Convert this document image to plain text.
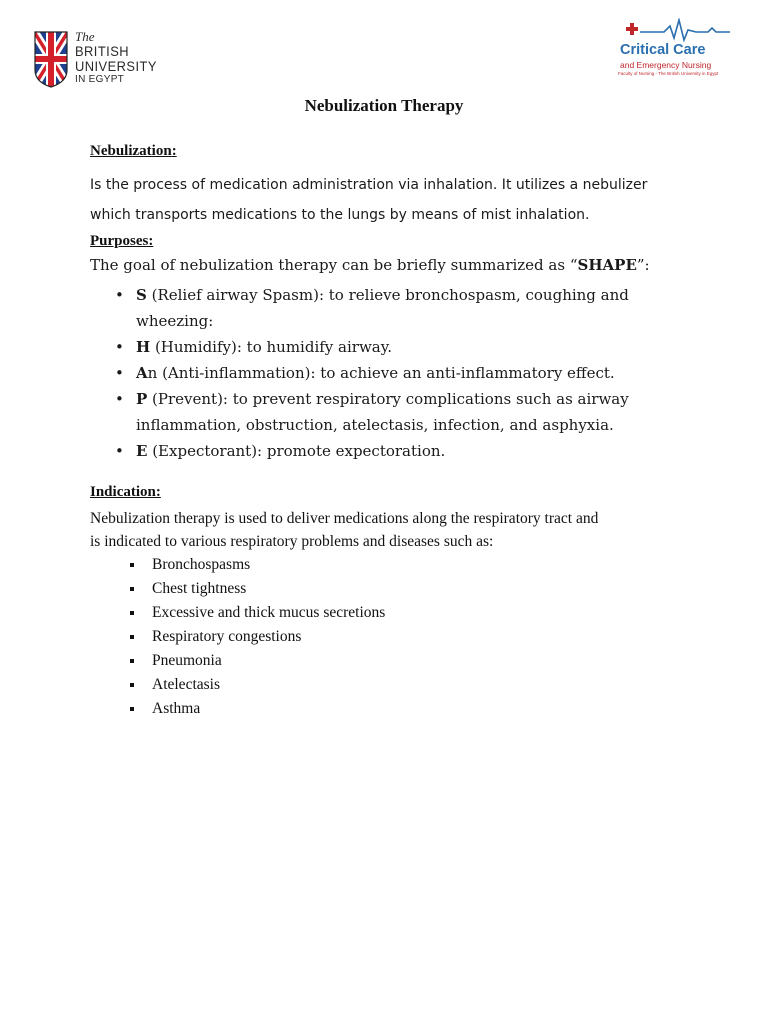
The
BRITISH
UNIVERSITY
IN EGYPT
Critical Care
and Emergency Nursing
Faculty of Nursing - The British University in Egypt
Nebulization Therapy
Nebulization:
Is the process of medication administration via inhalation. It utilizes a nebulizer
which transports medications to the lungs by means of mist inhalation.
Purposes:
The goal of nebulization therapy can be briefly summarized as “SHAPE”:
• S (Relief airway Spasm): to relieve bronchospasm, coughing and
wheezing:
• H (Humidify): to humidify airway.
• An (Anti-inflammation): to achieve an anti-inflammatory effect.
• P (Prevent): to prevent respiratory complications such as airway
inflammation, obstruction, atelectasis, infection, and asphyxia.
• E (Expectorant): promote expectoration.
Indication:
Nebulization therapy is used to deliver medications along the respiratory tract and
is indicated to various respiratory problems and diseases such as:
Bronchospasms
Chest tightness
Excessive and thick mucus secretions
Respiratory congestions
Pneumonia
Atelectasis
Asthma
